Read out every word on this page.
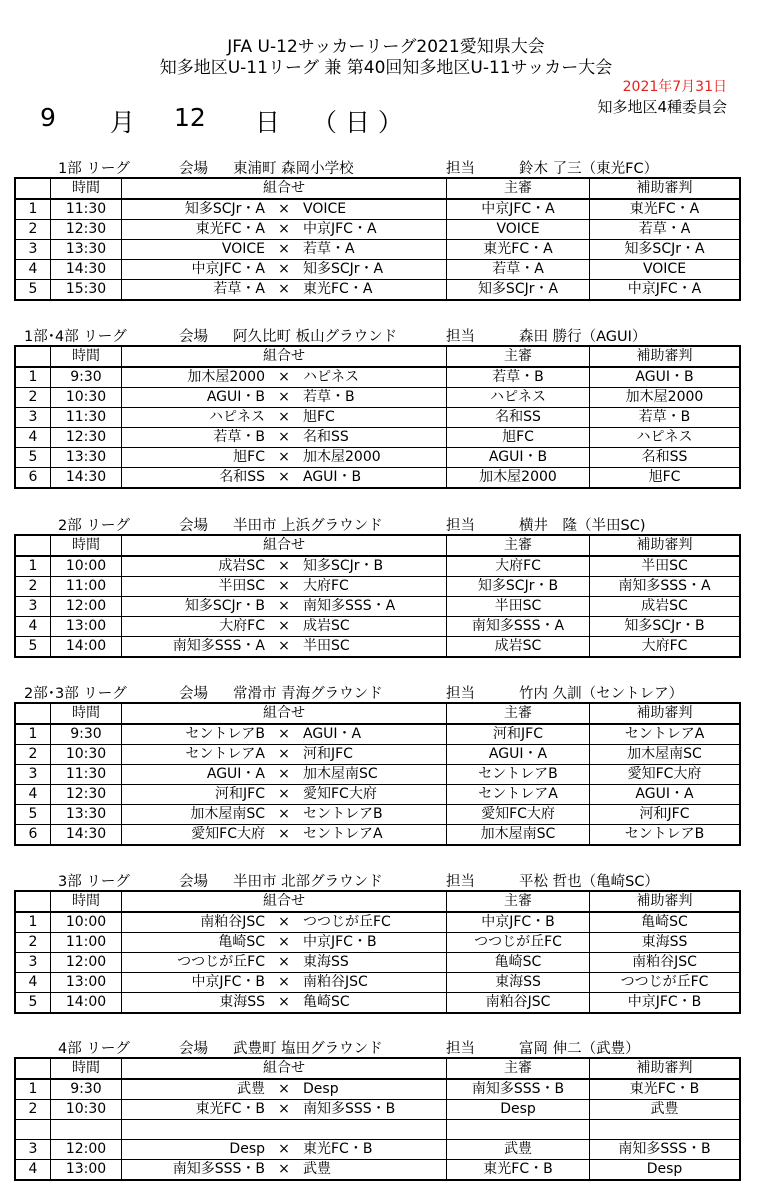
JFA U-12サッカーリーグ2021愛知県大会
知多地区U-11リーグ 兼 第40回知多地区U-11サッカー大会
2021年7月31日
知多地区4種委員会
9 月 12 日 （ 日 ）
1部 リーグ	会場 東浦町 森岡小学校	担当	鈴木 了三（東光FC）
	時間	組合せ	主審	補助審判
1	11:30	知多SCJr・A × VOICE	中京JFC・A	東光FC・A
2	12:30	東光FC・A × 中京JFC・A	VOICE	若草・A
3	13:30	VOICE × 若草・A	東光FC・A	知多SCJr・A
4	14:30	中京JFC・A × 知多SCJr・A	若草・A	VOICE
5	15:30	若草・A × 東光FC・A	知多SCJr・A	中京JFC・A
1部･4部 リーグ	会場 阿久比町 板山グラウンド	担当	森田 勝行（AGUI）
	時間	組合せ	主審	補助審判
1	9:30	加木屋2000 × ハピネス	若草・B	AGUI・B
2	10:30	AGUI・B × 若草・B	ハピネス	加木屋2000
3	11:30	ハピネス × 旭FC	名和SS	若草・B
4	12:30	若草・B × 名和SS	旭FC	ハピネス
5	13:30	旭FC × 加木屋2000	AGUI・B	名和SS
6	14:30	名和SS × AGUI・B	加木屋2000	旭FC
2部 リーグ	会場 半田市 上浜グラウンド	担当	横井　隆（半田SC)
	時間	組合せ	主審	補助審判
1	10:00	成岩SC × 知多SCJr・B	大府FC	半田SC
2	11:00	半田SC × 大府FC	知多SCJr・B	南知多SSS・A
3	12:00	知多SCJr・B × 南知多SSS・A	半田SC	成岩SC
4	13:00	大府FC × 成岩SC	南知多SSS・A	知多SCJr・B
5	14:00	南知多SSS・A × 半田SC	成岩SC	大府FC
2部･3部 リーグ	会場 常滑市 青海グラウンド	担当	竹内 久訓（セントレア）
	時間	組合せ	主審	補助審判
1	9:30	セントレアB × AGUI・A	河和JFC	セントレアA
2	10:30	セントレアA × 河和JFC	AGUI・A	加木屋南SC
3	11:30	AGUI・A × 加木屋南SC	セントレアB	愛知FC大府
4	12:30	河和JFC × 愛知FC大府	セントレアA	AGUI・A
5	13:30	加木屋南SC × セントレアB	愛知FC大府	河和JFC
6	14:30	愛知FC大府 × セントレアA	加木屋南SC	セントレアB
3部 リーグ	会場 半田市 北部グラウンド	担当	平松 哲也（亀崎SC）
	時間	組合せ	主審	補助審判
1	10:00	南粕谷JSC × つつじが丘FC	中京JFC・B	亀崎SC
2	11:00	亀崎SC × 中京JFC・B	つつじが丘FC	東海SS
3	12:00	つつじが丘FC × 東海SS	亀崎SC	南粕谷JSC
4	13:00	中京JFC・B × 南粕谷JSC	東海SS	つつじが丘FC
5	14:00	東海SS × 亀崎SC	南粕谷JSC	中京JFC・B
4部 リーグ	会場 武豊町 塩田グラウンド	担当	富岡 伸二（武豊）
	時間	組合せ	主審	補助審判
1	9:30	武豊 × Desp	南知多SSS・B	東光FC・B
2	10:30	東光FC・B × 南知多SSS・B	Desp	武豊

3	12:00	Desp × 東光FC・B	武豊	南知多SSS・B
4	13:00	南知多SSS・B × 武豊	東光FC・B	Desp
